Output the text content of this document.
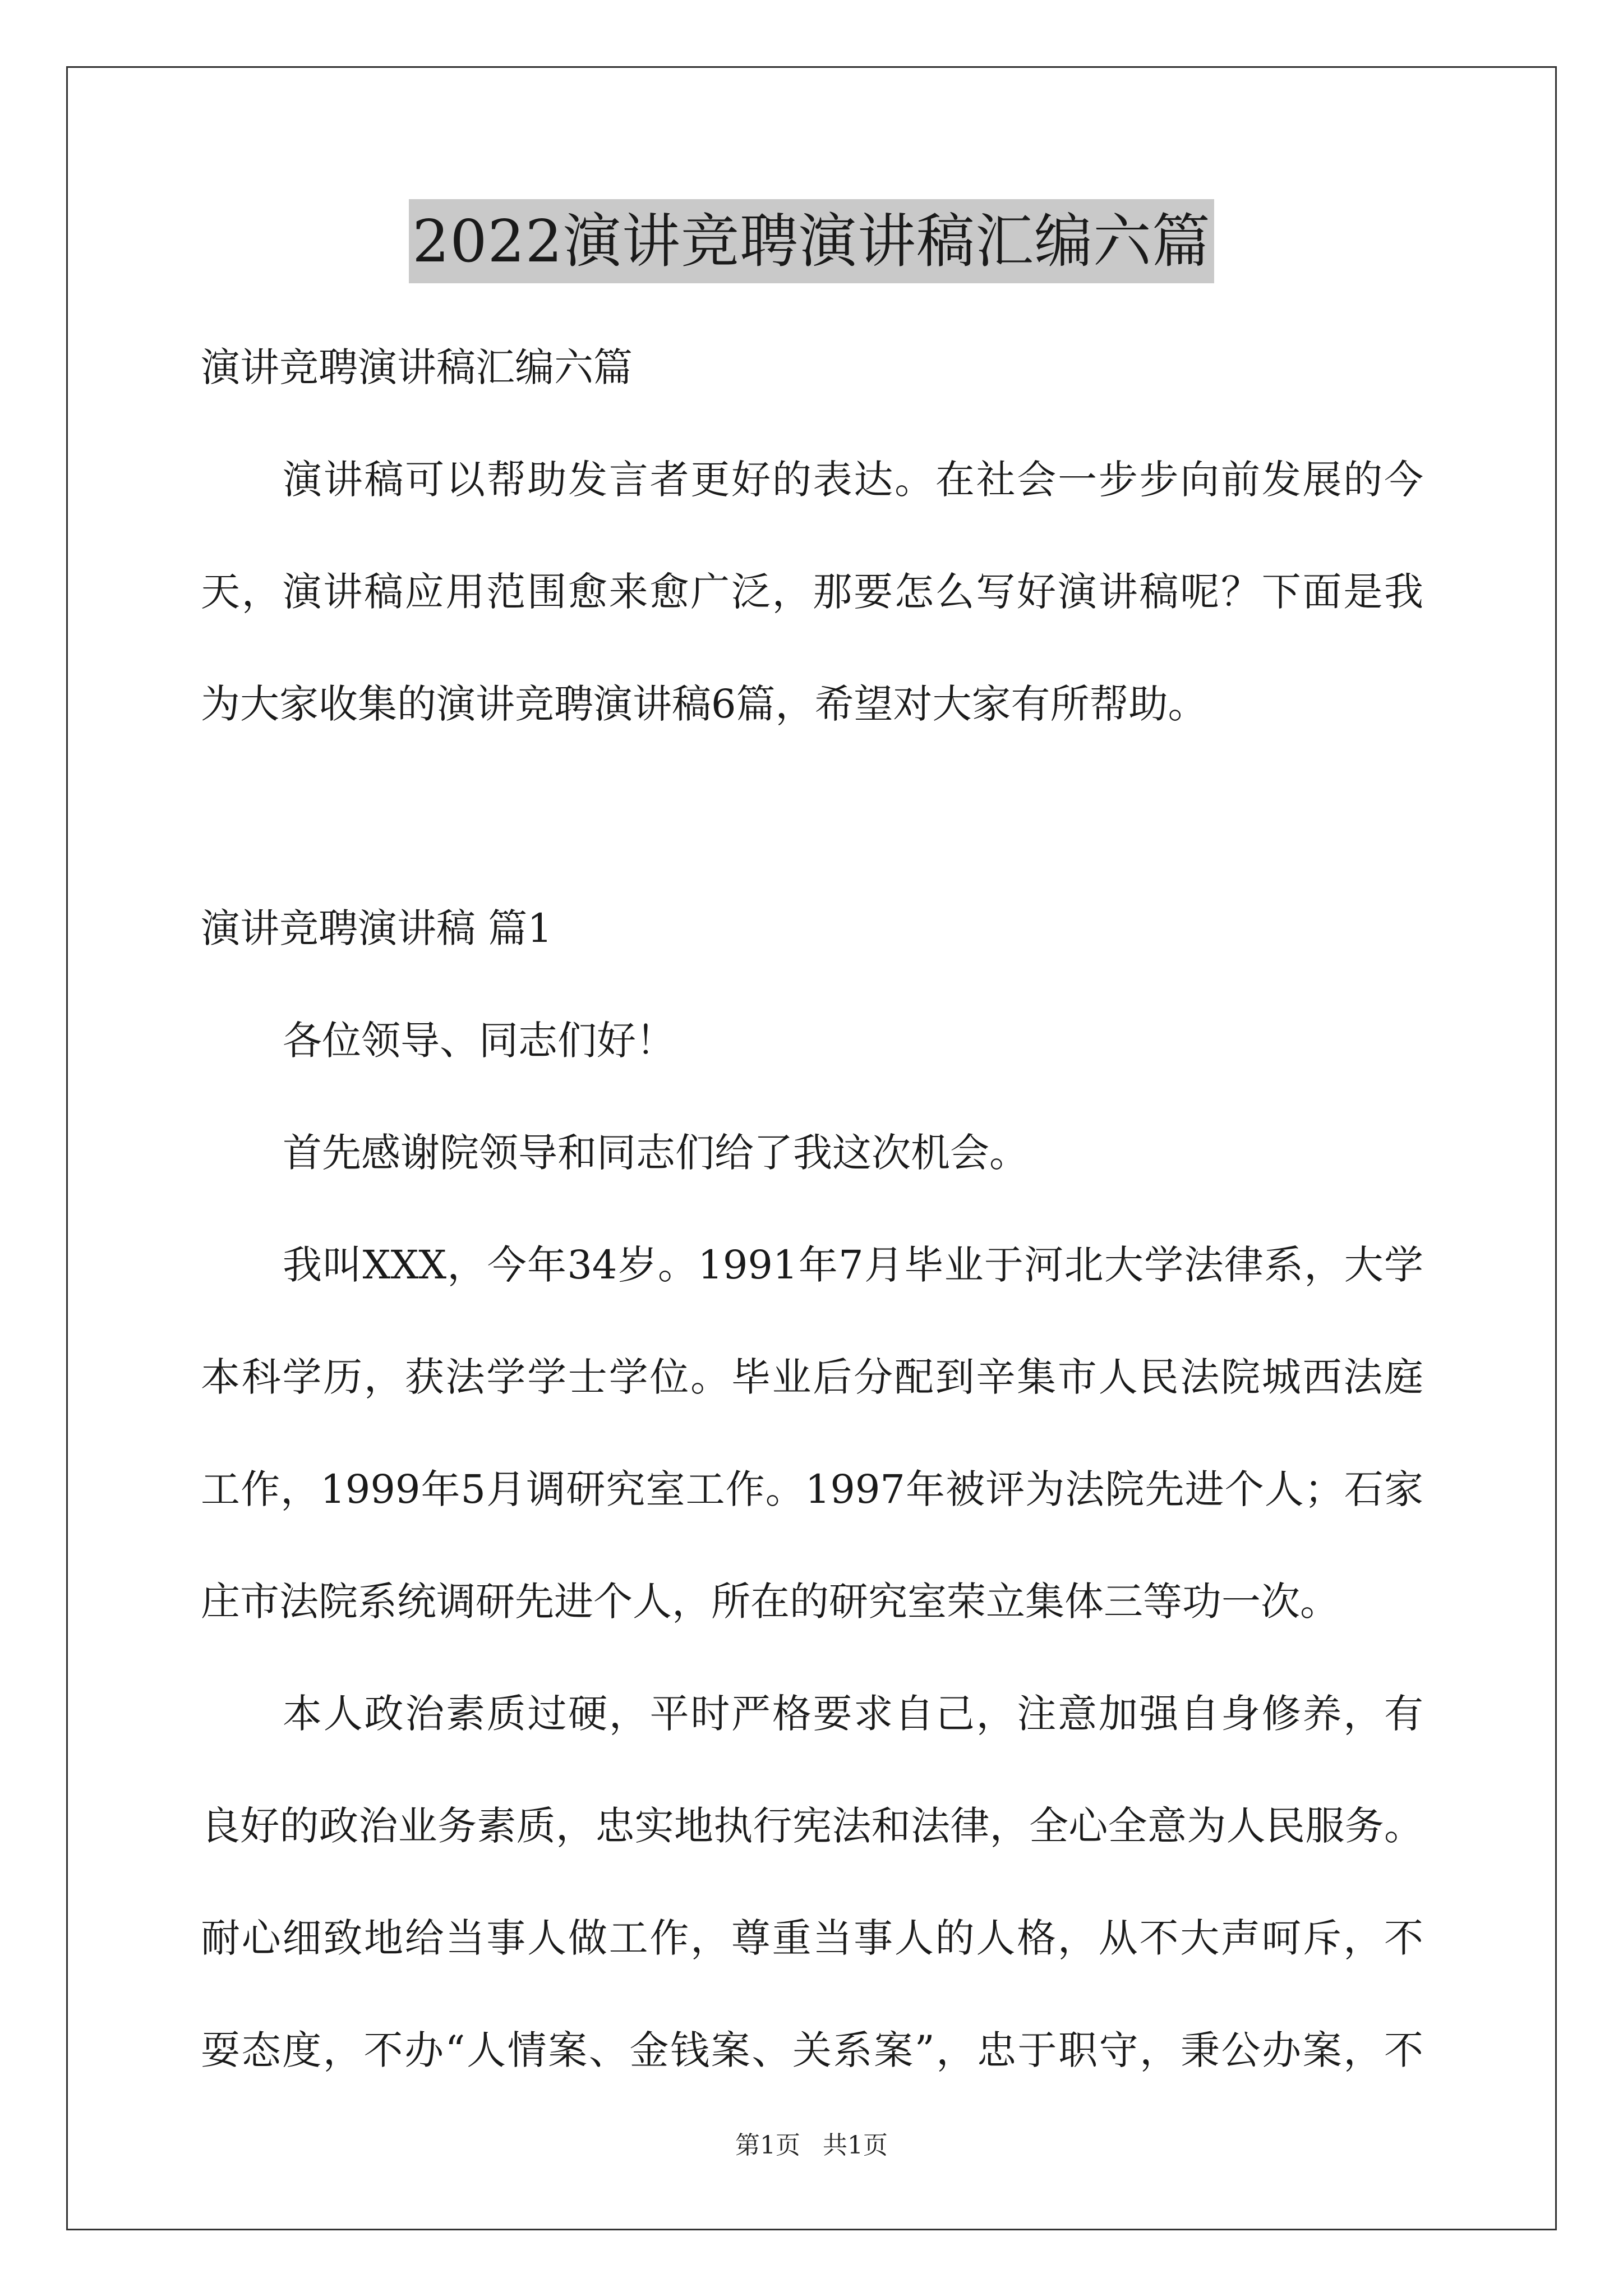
2022演讲竞聘演讲稿汇编六篇
演讲竞聘演讲稿汇编六篇
演讲稿可以帮助发言者更好的表达。在社会一步步向前发展的今
天，演讲稿应用范围愈来愈广泛，那要怎么写好演讲稿呢？下面是我
为大家收集的演讲竞聘演讲稿6篇，希望对大家有所帮助。
演讲竞聘演讲稿 篇1
各位领导、同志们好！
首先感谢院领导和同志们给了我这次机会。
我叫XXX，今年34岁。1991年7月毕业于河北大学法律系，大学
本科学历，获法学学士学位。毕业后分配到辛集市人民法院城西法庭
工作，1999年5月调研究室工作。1997年被评为法院先进个人；石家
庄市法院系统调研先进个人，所在的研究室荣立集体三等功一次。
本人政治素质过硬，平时严格要求自己，注意加强自身修养，有
良好的政治业务素质，忠实地执行宪法和法律，全心全意为人民服务。
耐心细致地给当事人做工作，尊重当事人的人格，从不大声呵斥，不
耍态度，不办“人情案、金钱案、关系案”，忠于职守，秉公办案，不
第1页 共1页
